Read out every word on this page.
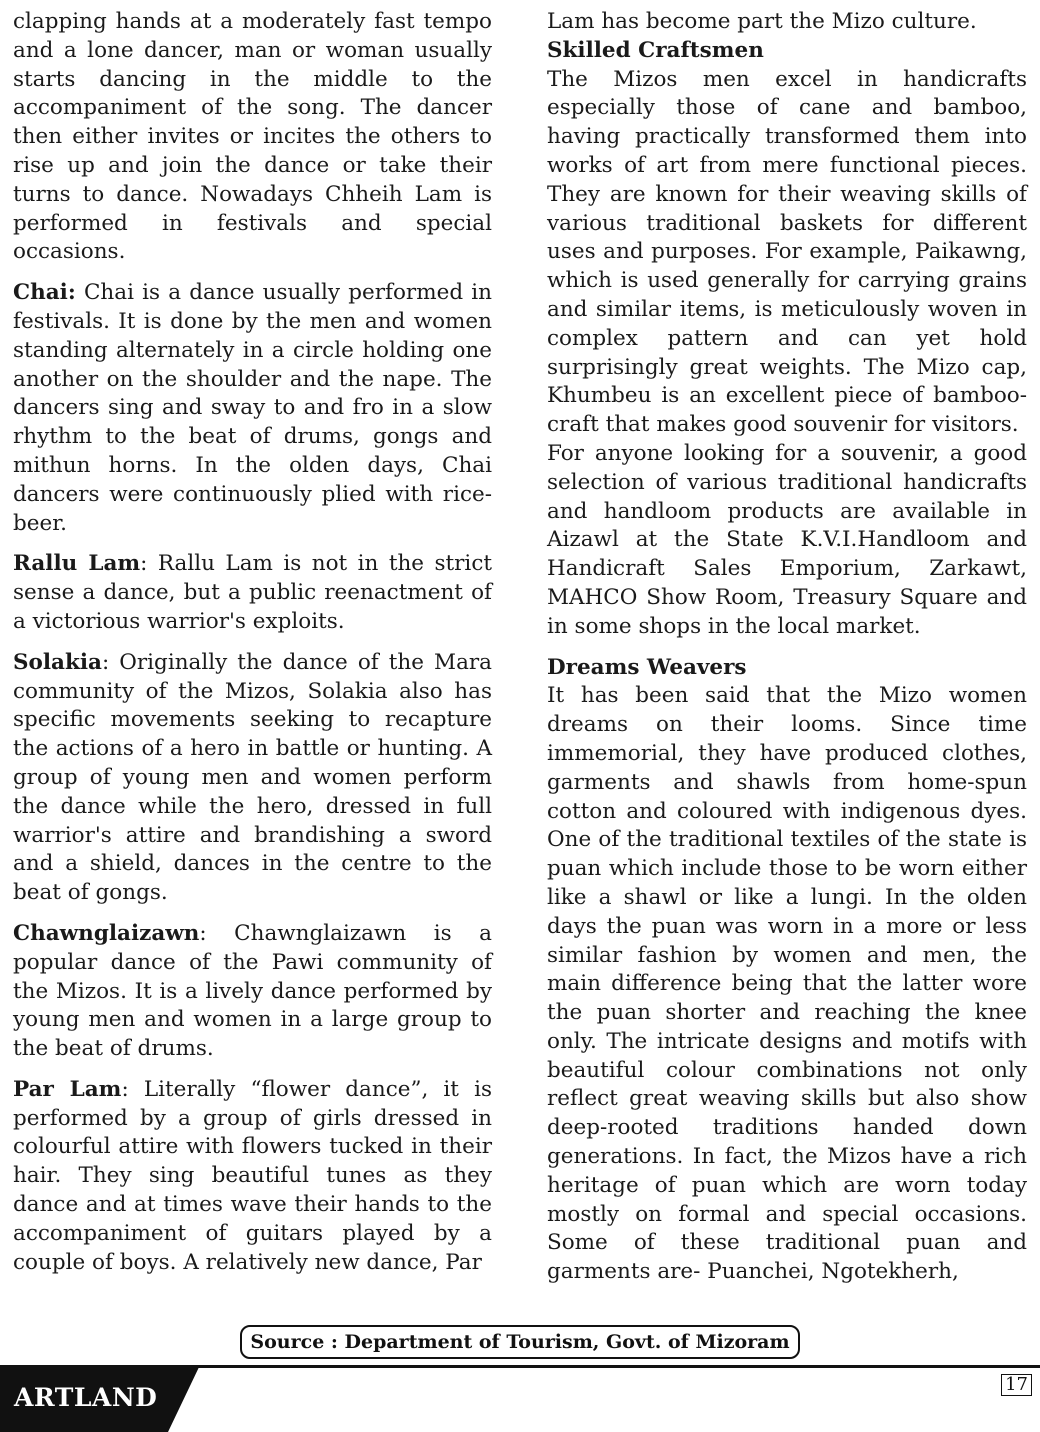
clapping hands at a moderately fast tempo and a lone dancer, man or woman usually starts dancing in the middle to the accompaniment of the song. The dancer then either invites or incites the others to rise up and join the dance or take their turns to dance. Nowadays Chheih Lam is performed in festivals and special occasions.

Chai: Chai is a dance usually performed in festivals. It is done by the men and women standing alternately in a circle holding one another on the shoulder and the nape. The dancers sing and sway to and fro in a slow rhythm to the beat of drums, gongs and mithun horns. In the olden days, Chai dancers were continuously plied with rice-beer.

Rallu Lam: Rallu Lam is not in the strict sense a dance, but a public reenactment of a victorious warrior's exploits.

Solakia: Originally the dance of the Mara community of the Mizos, Solakia also has specific movements seeking to recapture the actions of a hero in battle or hunting. A group of young men and women perform the dance while the hero, dressed in full warrior's attire and brandishing a sword and a shield, dances in the centre to the beat of gongs.

Chawnglaizawn: Chawnglaizawn is a popular dance of the Pawi community of the Mizos. It is a lively dance performed by young men and women in a large group to the beat of drums.

Par Lam: Literally “flower dance”, it is performed by a group of girls dressed in colourful attire with flowers tucked in their hair. They sing beautiful tunes as they dance and at times wave their hands to the accompaniment of guitars played by a couple of boys. A relatively new dance, Par

Lam has become part the Mizo culture.

Skilled Craftsmen

The Mizos men excel in handicrafts especially those of cane and bamboo, having practically transformed them into works of art from mere functional pieces. They are known for their weaving skills of various traditional baskets for different uses and purposes. For example, Paikawng, which is used generally for carrying grains and similar items, is meticulously woven in complex pattern and can yet hold surprisingly great weights. The Mizo cap, Khumbeu is an excellent piece of bamboo-craft that makes good souvenir for visitors.

For anyone looking for a souvenir, a good selection of various traditional handicrafts and handloom products are available in Aizawl at the State K.V.I.Handloom and Handicraft Sales Emporium, Zarkawt, MAHCO Show Room, Treasury Square and in some shops in the local market.

Dreams Weavers

It has been said that the Mizo women dreams on their looms. Since time immemorial, they have produced clothes, garments and shawls from home-spun cotton and coloured with indigenous dyes. One of the traditional textiles of the state is puan which include those to be worn either like a shawl or like a lungi. In the olden days the puan was worn in a more or less similar fashion by women and men, the main difference being that the latter wore the puan shorter and reaching the knee only. The intricate designs and motifs with beautiful colour combinations not only reflect great weaving skills but also show deep-rooted traditions handed down generations. In fact, the Mizos have a rich heritage of puan which are worn today mostly on formal and special occasions. Some of these traditional puan and garments are- Puanchei, Ngotekherh,

Source : Department of Tourism, Govt. of Mizoram
ARTLAND	17
